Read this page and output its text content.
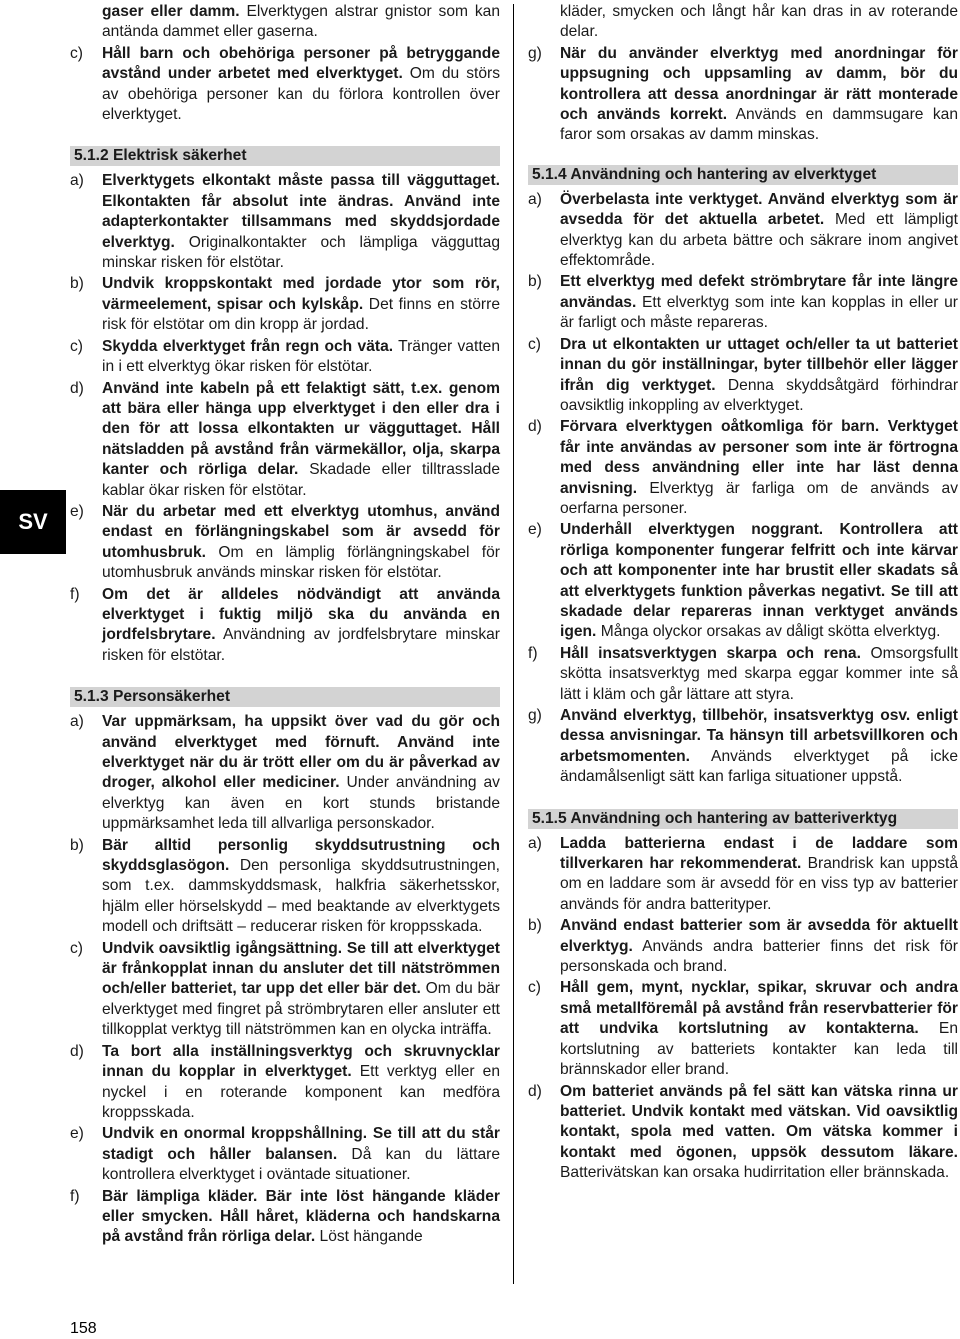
SV
gaser eller damm. Elverktygen alstrar gnistor som kan antända dammet eller gaserna.
c)	Håll barn och obehöriga personer på betryggande avstånd under arbetet med elverktyget. Om du störs av obehöriga personer kan du förlora kontrollen över elverktyget.
5.1.2 Elektrisk säkerhet
a)	Elverktygets elkontakt måste passa till vägguttaget. Elkontakten får absolut inte ändras. Använd inte adapterkontakter tillsammans med skyddsjordade elverktyg. Originalkontakter och lämpliga vägguttag minskar risken för elstötar.
b)	Undvik kroppskontakt med jordade ytor som rör, värmeelement, spisar och kylskåp. Det finns en större risk för elstötar om din kropp är jordad.
c)	Skydda elverktyget från regn och väta. Tränger vatten in i ett elverktyg ökar risken för elstötar.
d)	Använd inte kabeln på ett felaktigt sätt, t.ex. genom att bära eller hänga upp elverktyget i den eller dra i den för att lossa elkontakten ur vägguttaget. Håll nätsladden på avstånd från värmekällor, olja, skarpa kanter och rörliga delar. Skadade eller tilltrasslade kablar ökar risken för elstötar.
e)	När du arbetar med ett elverktyg utomhus, använd endast en förlängningskabel som är avsedd för utomhusbruk. Om en lämplig förlängningskabel för utomhusbruk används minskar risken för elstötar.
f)	Om det är alldeles nödvändigt att använda elverktyget i fuktig miljö ska du använda en jordfelsbrytare. Användning av jordfelsbrytare minskar risken för elstötar.
5.1.3 Personsäkerhet
a)	Var uppmärksam, ha uppsikt över vad du gör och använd elverktyget med förnuft. Använd inte elverktyget när du är trött eller om du är påverkad av droger, alkohol eller mediciner. Under användning av elverktyg kan även en kort stunds bristande uppmärksamhet leda till allvarliga personskador.
b)	Bär alltid personlig skyddsutrustning och skyddsglasögon. Den personliga skyddsutrustningen, som t.ex. dammskyddsmask, halkfria säkerhetsskor, hjälm eller hörselskydd – med beaktande av elverktygets modell och driftsätt – reducerar risken för kroppsskada.
c)	Undvik oavsiktlig igångsättning. Se till att elverktyget är frånkopplat innan du ansluter det till nätströmmen och/eller batteriet, tar upp det eller bär det. Om du bär elverktyget med fingret på strömbrytaren eller ansluter ett tillkopplat verktyg till nätströmmen kan en olycka inträffa.
d)	Ta bort alla inställningsverktyg och skruvnycklar innan du kopplar in elverktyget. Ett verktyg eller en nyckel i en roterande komponent kan medföra kroppsskada.
e)	Undvik en onormal kroppshållning. Se till att du står stadigt och håller balansen. Då kan du lättare kontrollera elverktyget i oväntade situationer.
f)	Bär lämpliga kläder. Bär inte löst hängande kläder eller smycken. Håll håret, kläderna och handskarna på avstånd från rörliga delar. Löst hängande
kläder, smycken och långt hår kan dras in av roterande delar.
g)	När du använder elverktyg med anordningar för uppsugning och uppsamling av damm, bör du kontrollera att dessa anordningar är rätt monterade och används korrekt. Används en dammsugare kan faror som orsakas av damm minskas.
5.1.4 Användning och hantering av elverktyget
a)	Överbelasta inte verktyget. Använd elverktyg som är avsedda för det aktuella arbetet. Med ett lämpligt elverktyg kan du arbeta bättre och säkrare inom angivet effektområde.
b)	Ett elverktyg med defekt strömbrytare får inte längre användas. Ett elverktyg som inte kan kopplas in eller ur är farligt och måste repareras.
c)	Dra ut elkontakten ur uttaget och/eller ta ut batteriet innan du gör inställningar, byter tillbehör eller lägger ifrån dig verktyget. Denna skyddsåtgärd förhindrar oavsiktlig inkoppling av elverktyget.
d)	Förvara elverktygen oåtkomliga för barn. Verktyget får inte användas av personer som inte är förtrogna med dess användning eller inte har läst denna anvisning. Elverktyg är farliga om de används av oerfarna personer.
e)	Underhåll elverktygen noggrant. Kontrollera att rörliga komponenter fungerar felfritt och inte kärvar och att komponenter inte har brustit eller skadats så att elverktygets funktion påverkas negativt. Se till att skadade delar repareras innan verktyget används igen. Många olyckor orsakas av dåligt skötta elverktyg.
f)	Håll insatsverktygen skarpa och rena. Omsorgsfullt skötta insatsverktyg med skarpa eggar kommer inte så lätt i kläm och går lättare att styra.
g)	Använd elverktyg, tillbehör, insatsverktyg osv. enligt dessa anvisningar. Ta hänsyn till arbetsvillkoren och arbetsmomenten. Används elverktyget på icke ändamålsenligt sätt kan farliga situationer uppstå.
5.1.5 Användning och hantering av batteriverktyg
a)	Ladda batterierna endast i de laddare som tillverkaren har rekommenderat. Brandrisk kan uppstå om en laddare som är avsedd för en viss typ av batterier används för andra batterityper.
b)	Använd endast batterier som är avsedda för aktuellt elverktyg. Används andra batterier finns det risk för personskada och brand.
c)	Håll gem, mynt, nycklar, spikar, skruvar och andra små metallföremål på avstånd från reservbatterier för att undvika kortslutning av kontakterna. En kortslutning av batteriets kontakter kan leda till brännskador eller brand.
d)	Om batteriet används på fel sätt kan vätska rinna ur batteriet. Undvik kontakt med vätskan. Vid oavsiktlig kontakt, spola med vatten. Om vätska kommer i kontakt med ögonen, uppsök dessutom läkare. Batterivätskan kan orsaka hudirritation eller brännskada.
158
